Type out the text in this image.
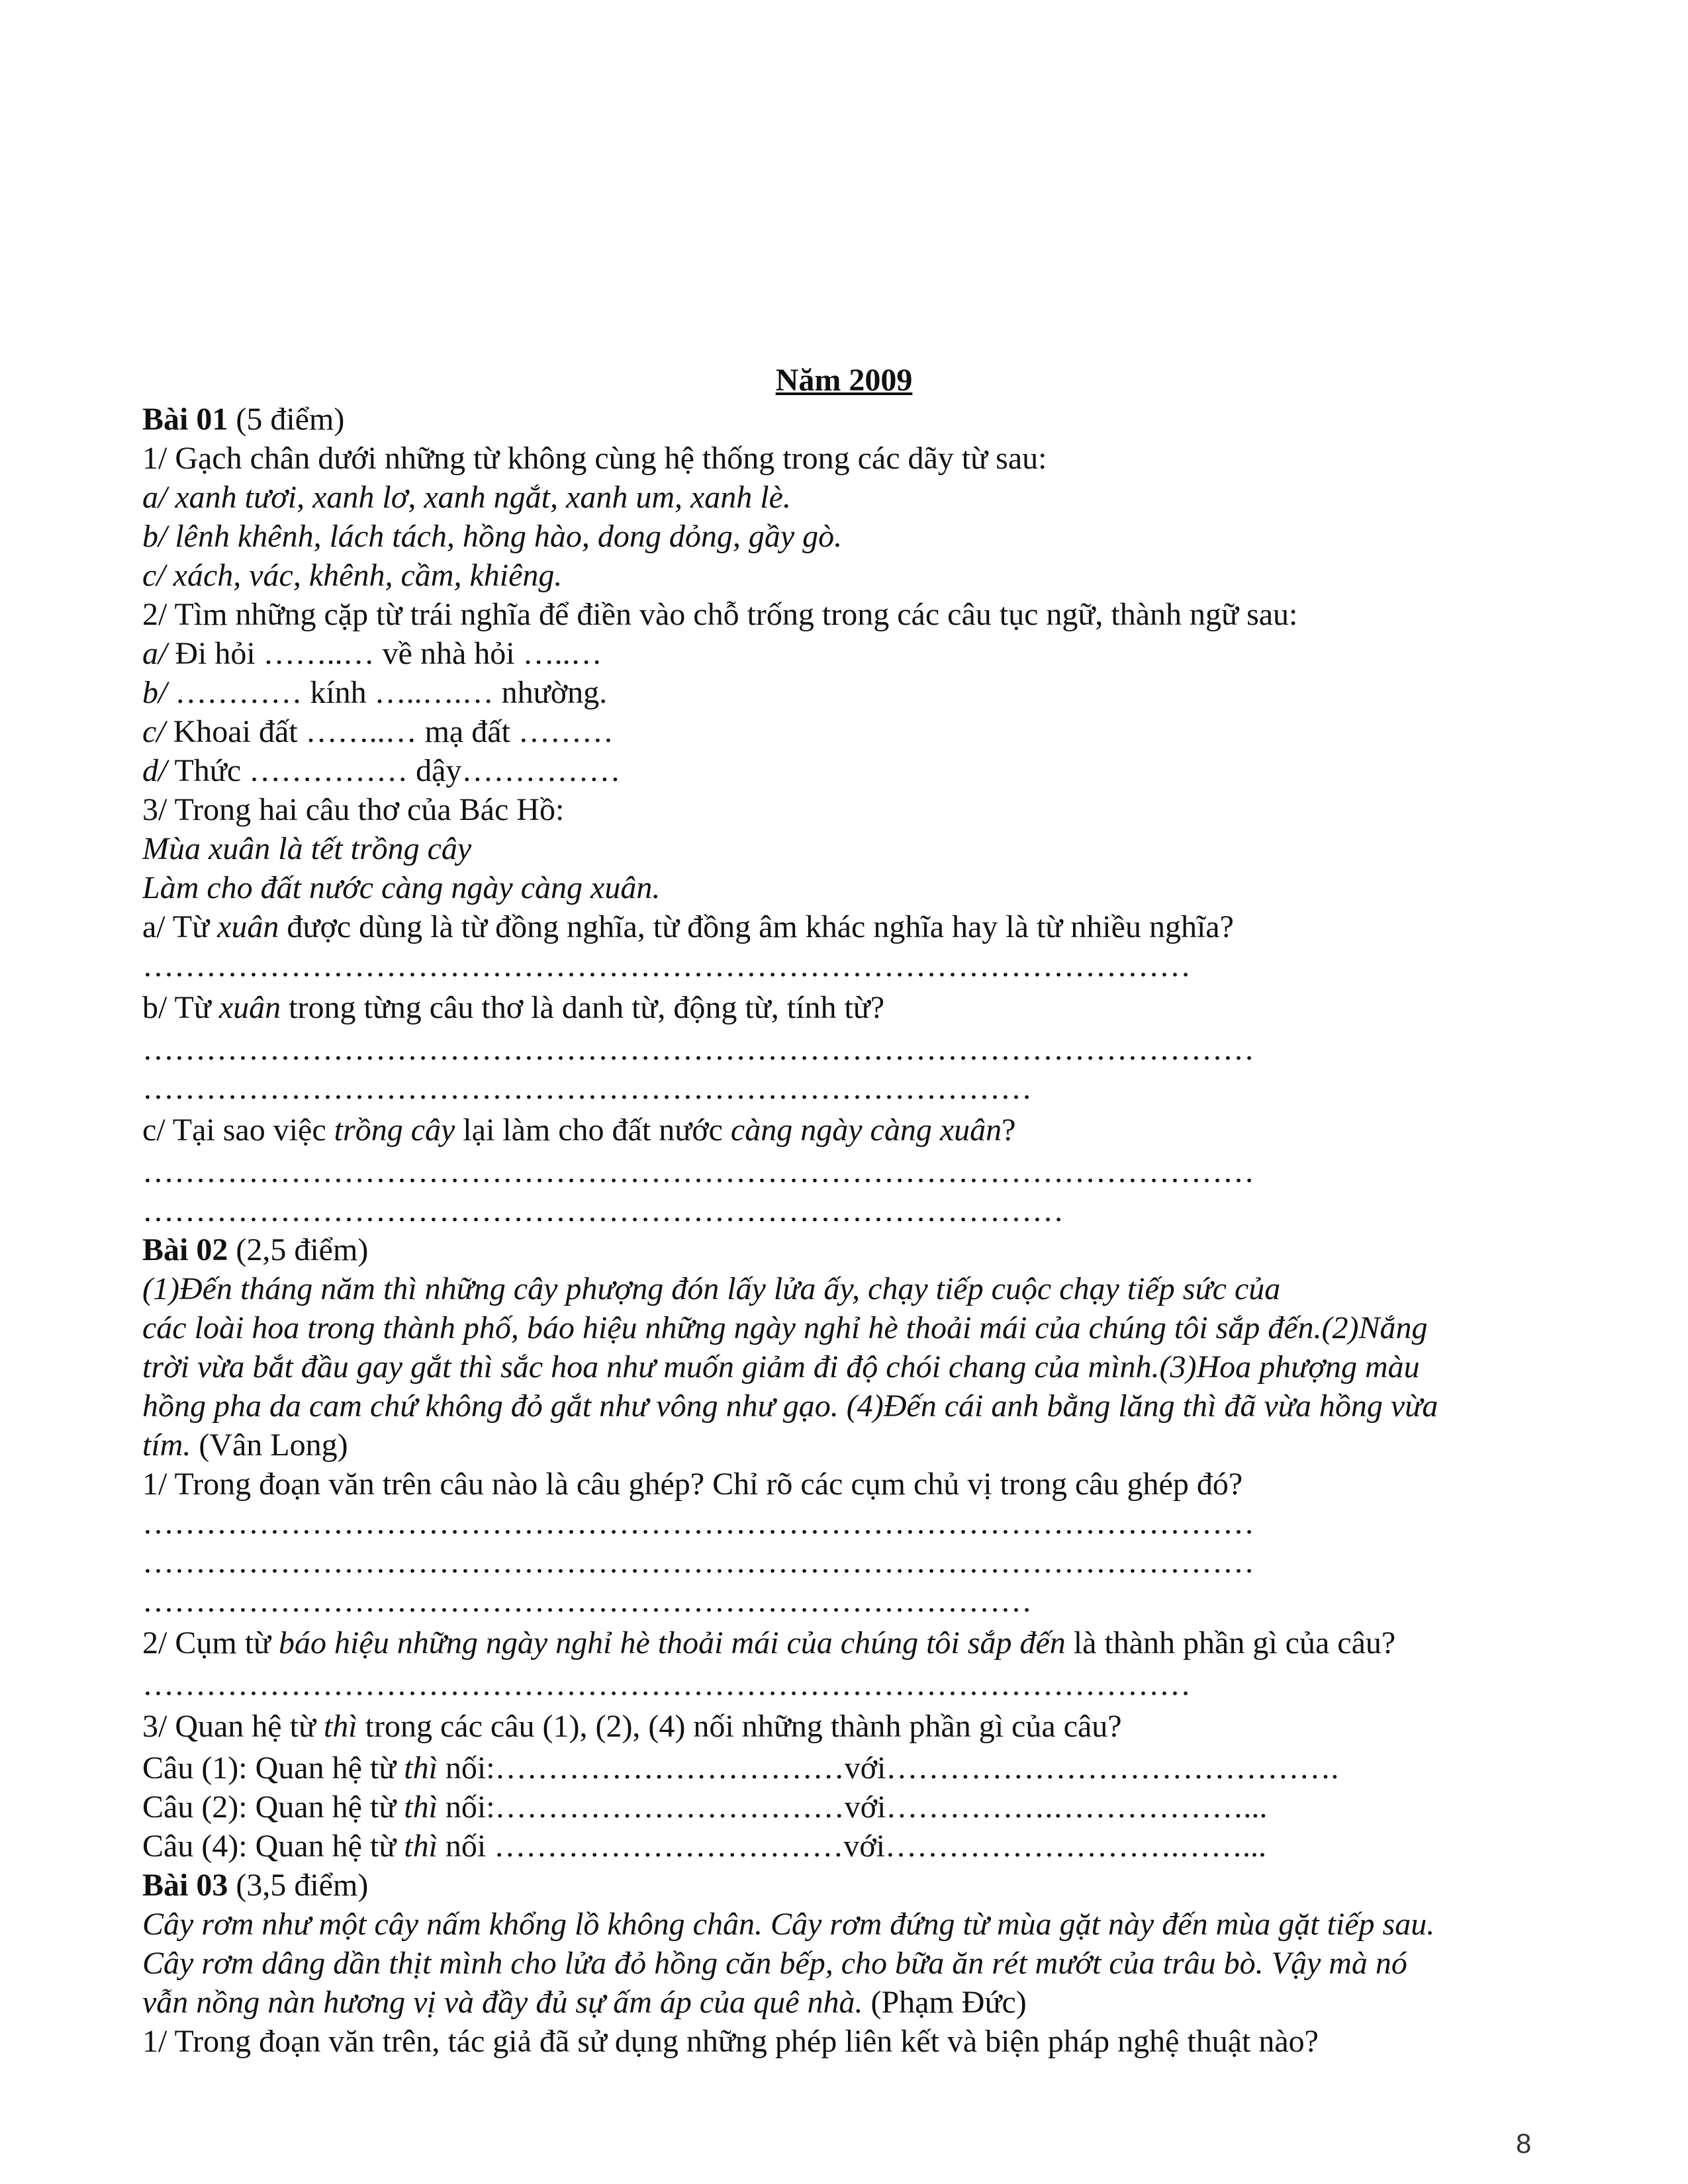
Năm 2009
Bài 01 (5 điểm)
1/ Gạch chân dưới những từ không cùng hệ thống trong các dãy từ sau:
a/ xanh tươi, xanh lơ, xanh ngắt, xanh um, xanh lè.
b/ lênh khênh, lách tách, hồng hào, dong dỏng, gầy gò.
c/ xách, vác, khênh, cầm, khiêng.
2/ Tìm những cặp từ trái nghĩa để điền vào chỗ trống trong các câu tục ngữ, thành ngữ sau:
a/ Đi hỏi ……..… về nhà hỏi …..…
b/ ………… kính …..….… nhường.
c/ Khoai đất ……..… mạ đất ………
d/ Thức …………… dậy……………
3/ Trong hai câu thơ của Bác Hồ:
Mùa xuân là tết trồng cây
Làm cho đất nước càng ngày càng xuân.
a/ Từ xuân được dùng là từ đồng nghĩa, từ đồng âm khác nghĩa hay là từ nhiều nghĩa?
………………………………………………………………………………………
b/ Từ xuân trong từng câu thơ là danh từ, động từ, tính từ?
……………………………………………………………………………………………
…………………………………………………………………………
c/ Tại sao việc trồng cây lại làm cho đất nước càng ngày càng xuân?
……………………………………………………………………………………………
……………………………………………………………………………
Bài 02 (2,5 điểm)
(1)Đến tháng năm thì những cây phượng đón lấy lửa ấy, chạy tiếp cuộc chạy tiếp sức của
các loài hoa trong thành phố, báo hiệu những ngày nghỉ hè thoải mái của chúng tôi sắp đến.(2)Nắng
trời vừa bắt đầu gay gắt thì sắc hoa như muốn giảm đi độ chói chang của mình.(3)Hoa phượng màu
hồng pha da cam chứ không đỏ gắt như vông như gạo. (4)Đến cái anh bằng lăng thì đã vừa hồng vừa
tím. (Vân Long)
1/ Trong đoạn văn trên câu nào là câu ghép? Chỉ rõ các cụm chủ vị trong câu ghép đó?
……………………………………………………………………………………………
……………………………………………………………………………………………
…………………………………………………………………………
2/ Cụm từ báo hiệu những ngày nghỉ hè thoải mái của chúng tôi sắp đến là thành phần gì của câu?
………………………………………………………………………………………
3/ Quan hệ từ thì trong các câu (1), (2), (4) nối những thành phần gì của câu?
Câu (1): Quan hệ từ thì nối:……………………………với…………………………………….
Câu (2): Quan hệ từ thì nối:……………………………với…………….………………...
Câu (4): Quan hệ từ thì nối ……………………………với……………………….……...
Bài 03 (3,5 điểm)
Cây rơm như một cây nấm khổng lồ không chân. Cây rơm đứng từ mùa gặt này đến mùa gặt tiếp sau.
Cây rơm dâng dần thịt mình cho lửa đỏ hồng căn bếp, cho bữa ăn rét mướt của trâu bò. Vậy mà nó
vẫn nồng nàn hương vị và đầy đủ sự ấm áp của quê nhà. (Phạm Đức)
1/ Trong đoạn văn trên, tác giả đã sử dụng những phép liên kết và biện pháp nghệ thuật nào?
8
